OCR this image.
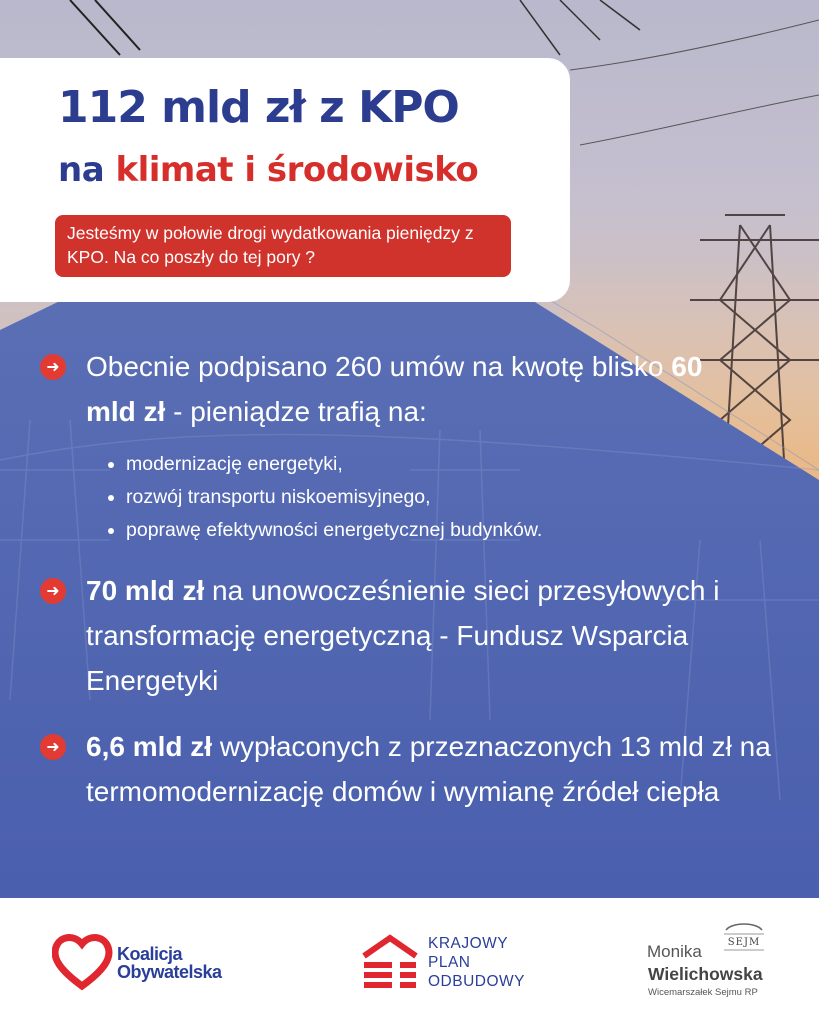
112 mld zł z KPO
na klimat i środowisko
Jesteśmy w połowie drogi wydatkowania pieniędzy z KPO. Na co poszły do tej pory ?
➜ Obecnie podpisano 260 umów na kwotę blisko 60 mld zł - pieniądze trafią na:
modernizację energetyki,
rozwój transportu niskoemisyjnego,
poprawę efektywności energetycznej budynków.
➜ 70 mld zł na unowocześnienie sieci przesyłowych i transformację energetyczną - Fundusz Wsparcia Energetyki
➜ 6,6 mld zł wypłaconych z przeznaczonych 13 mld zł na termomodernizację domów i wymianę źródeł ciepła
Koalicja
Obywatelska
KRAJOWY
PLAN
ODBUDOWY
SEJM
Monika
Wielichowska
Wicemarszałek Sejmu RP
